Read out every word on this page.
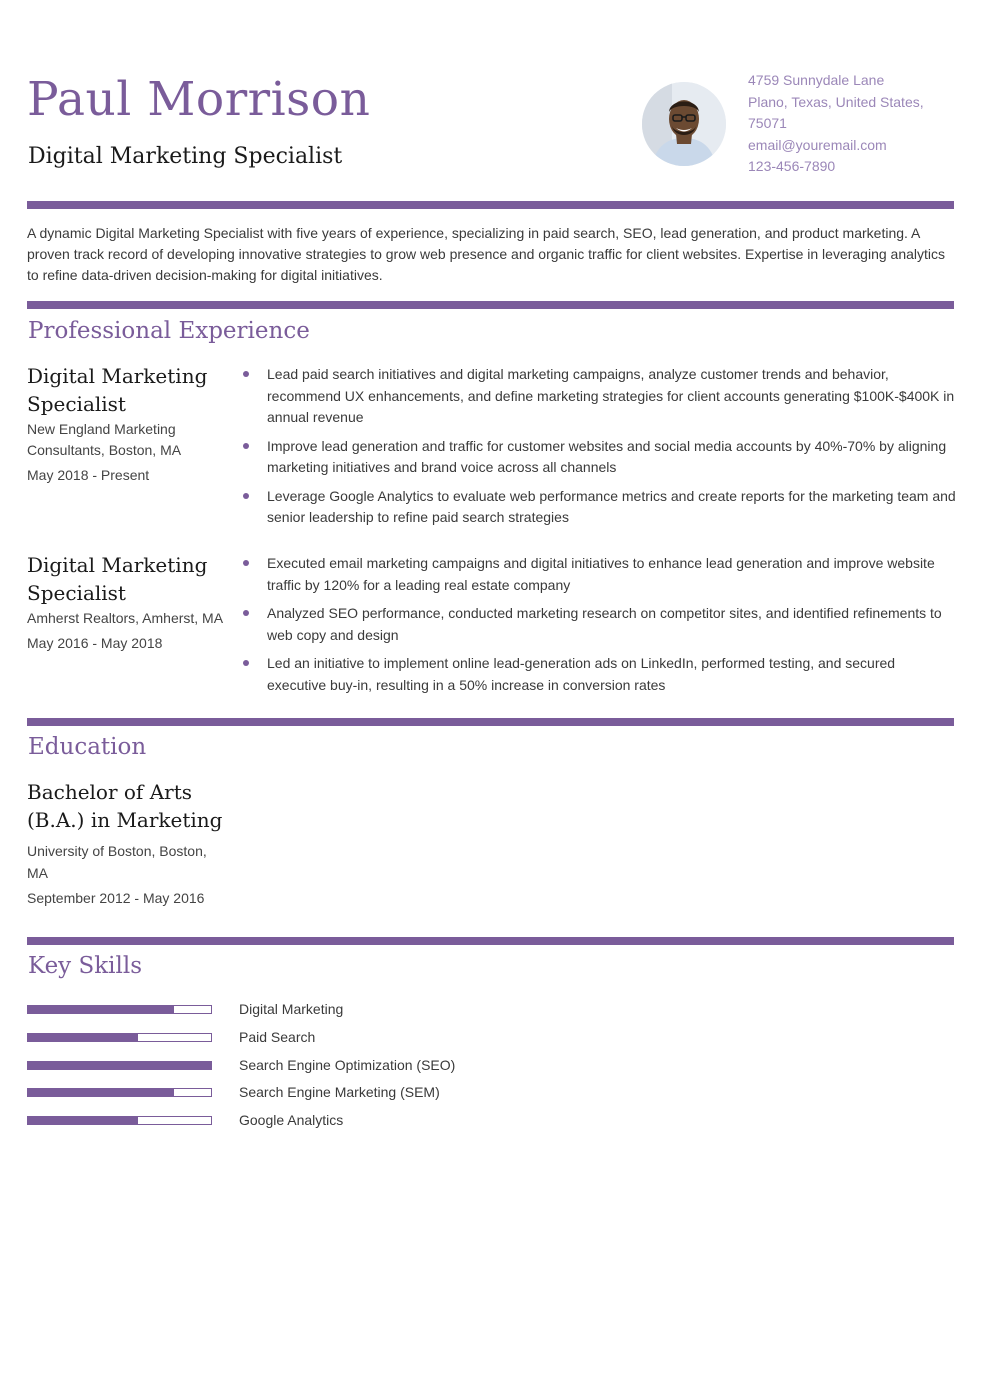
Paul Morrison
Digital Marketing Specialist
4759 Sunnydale Lane
Plano, Texas, United States,
75071
email@youremail.com
123-456-7890
A dynamic Digital Marketing Specialist with five years of experience, specializing in paid search, SEO, lead generation, and product marketing. A proven track record of developing innovative strategies to grow web presence and organic traffic for client websites. Expertise in leveraging analytics to refine data-driven decision-making for digital initiatives.
Professional Experience
Digital Marketing
Specialist
New England Marketing
Consultants, Boston, MA
May 2018 - Present
Lead paid search initiatives and digital marketing campaigns, analyze customer trends and behavior, recommend UX enhancements, and define marketing strategies for client accounts generating $100K-$400K in annual revenue
Improve lead generation and traffic for customer websites and social media accounts by 40%-70% by aligning marketing initiatives and brand voice across all channels
Leverage Google Analytics to evaluate web performance metrics and create reports for the marketing team and senior leadership to refine paid search strategies
Digital Marketing
Specialist
Amherst Realtors, Amherst, MA
May 2016 - May 2018
Executed email marketing campaigns and digital initiatives to enhance lead generation and improve website traffic by 120% for a leading real estate company
Analyzed SEO performance, conducted marketing research on competitor sites, and identified refinements to web copy and design
Led an initiative to implement online lead-generation ads on LinkedIn, performed testing, and secured executive buy-in, resulting in a 50% increase in conversion rates
Education
Bachelor of Arts
(B.A.) in Marketing
University of Boston, Boston,
MA
September 2012 - May 2016
Key Skills
Digital Marketing
Paid Search
Search Engine Optimization (SEO)
Search Engine Marketing (SEM)
Google Analytics
